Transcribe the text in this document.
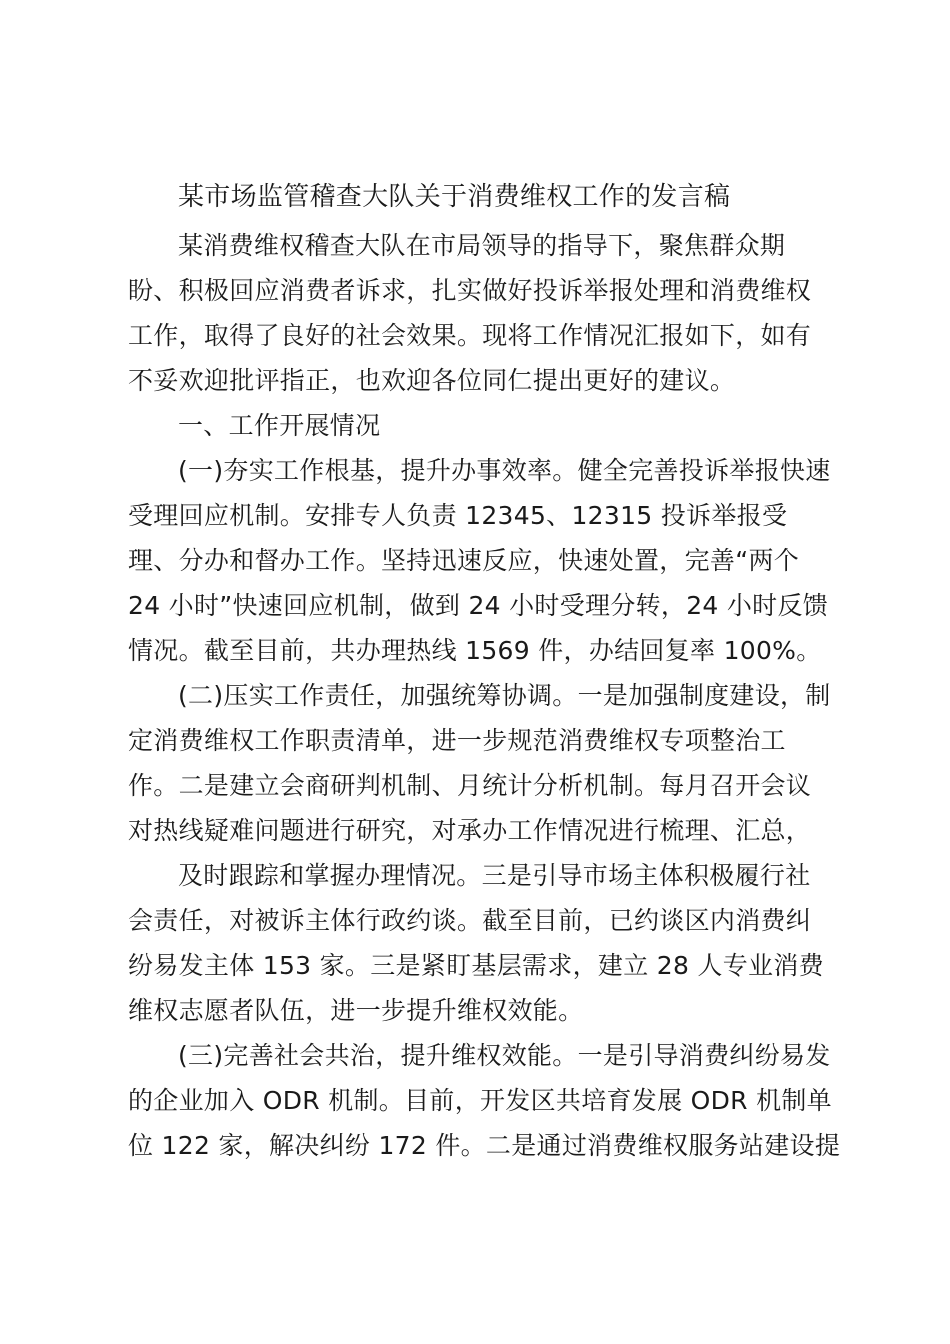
某市场监管稽查大队关于消费维权工作的发言稿
某消费维权稽查大队在市局领导的指导下，聚焦群众期
盼、积极回应消费者诉求，扎实做好投诉举报处理和消费维权
工作，取得了良好的社会效果。现将工作情况汇报如下，如有
不妥欢迎批评指正，也欢迎各位同仁提出更好的建议。
一、工作开展情况
(一)夯实工作根基，提升办事效率。健全完善投诉举报快速
受理回应机制。安排专人负责 12345、12315 投诉举报受
理、分办和督办工作。坚持迅速反应，快速处置，完善“两个
24 小时”快速回应机制，做到 24 小时受理分转，24 小时反馈
情况。截至目前，共办理热线 1569 件，办结回复率 100%。
(二)压实工作责任，加强统筹协调。一是加强制度建设，制
定消费维权工作职责清单，进一步规范消费维权专项整治工
作。二是建立会商研判机制、月统计分析机制。每月召开会议
对热线疑难问题进行研究，对承办工作情况进行梳理、汇总，
及时跟踪和掌握办理情况。三是引导市场主体积极履行社
会责任，对被诉主体行政约谈。截至目前，已约谈区内消费纠
纷易发主体 153 家。三是紧盯基层需求，建立 28 人专业消费
维权志愿者队伍，进一步提升维权效能。
(三)完善社会共治，提升维权效能。一是引导消费纠纷易发
的企业加入 ODR 机制。目前，开发区共培育发展 ODR 机制单
位 122 家，解决纠纷 172 件。二是通过消费维权服务站建设提
